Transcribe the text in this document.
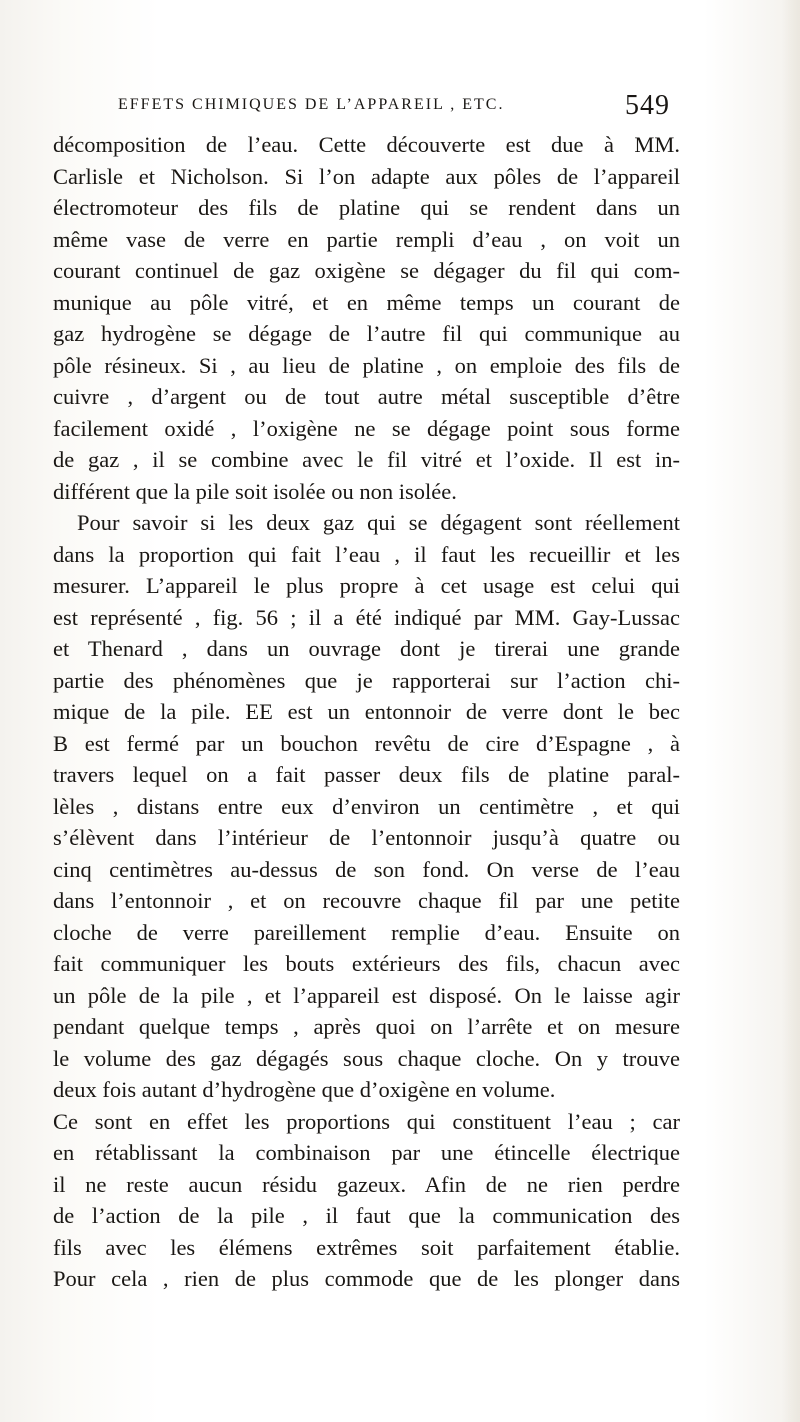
EFFETS CHIMIQUES DE L’APPAREIL , ETC.	549
décomposition de l’eau. Cette découverte est due à MM.
Carlisle et Nicholson. Si l’on adapte aux pôles de l’appareil
électromoteur des fils de platine qui se rendent dans un
même vase de verre en partie rempli d’eau , on voit un
courant continuel de gaz oxigène se dégager du fil qui com-
munique au pôle vitré, et en même temps un courant de
gaz hydrogène se dégage de l’autre fil qui communique au
pôle résineux. Si , au lieu de platine , on emploie des fils de
cuivre , d’argent ou de tout autre métal susceptible d’être
facilement oxidé , l’oxigène ne se dégage point sous forme
de gaz , il se combine avec le fil vitré et l’oxide. Il est in-
différent que la pile soit isolée ou non isolée.
Pour savoir si les deux gaz qui se dégagent sont réellement
dans la proportion qui fait l’eau , il faut les recueillir et les
mesurer. L’appareil le plus propre à cet usage est celui qui
est représenté , fig. 56 ; il a été indiqué par MM. Gay-Lussac
et Thenard , dans un ouvrage dont je tirerai une grande
partie des phénomènes que je rapporterai sur l’action chi-
mique de la pile. EE est un entonnoir de verre dont le bec
B est fermé par un bouchon revêtu de cire d’Espagne , à
travers lequel on a fait passer deux fils de platine paral-
lèles , distans entre eux d’environ un centimètre , et qui
s’élèvent dans l’intérieur de l’entonnoir jusqu’à quatre ou
cinq centimètres au-dessus de son fond. On verse de l’eau
dans l’entonnoir , et on recouvre chaque fil par une petite
cloche de verre pareillement remplie d’eau. Ensuite on
fait communiquer les bouts extérieurs des fils, chacun avec
un pôle de la pile , et l’appareil est disposé. On le laisse agir
pendant quelque temps , après quoi on l’arrête et on mesure
le volume des gaz dégagés sous chaque cloche. On y trouve
deux fois autant d’hydrogène que d’oxigène en volume.
Ce sont en effet les proportions qui constituent l’eau ; car
en rétablissant la combinaison par une étincelle électrique
il ne reste aucun résidu gazeux. Afin de ne rien perdre
de l’action de la pile , il faut que la communication des
fils avec les élémens extrêmes soit parfaitement établie.
Pour cela , rien de plus commode que de les plonger dans
